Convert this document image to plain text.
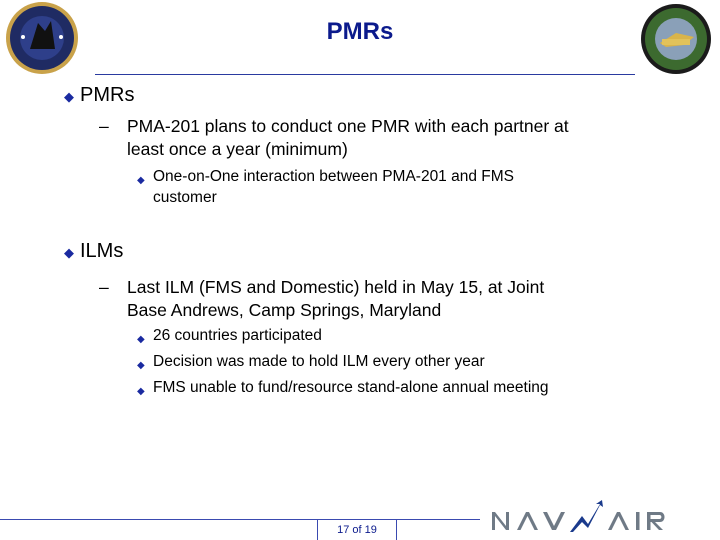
PMRs
◆ PMRs
– PMA-201 plans to conduct one PMR with each partner at
least once a year (minimum)
◆ One-on-One interaction between PMA-201 and FMS
customer
◆ ILMs
– Last ILM (FMS and Domestic) held in May 15, at Joint
Base Andrews, Camp Springs, Maryland
◆ 26 countries participated
◆ Decision was made to hold ILM every other year
◆ FMS unable to fund/resource stand-alone annual meeting
17 of 19
